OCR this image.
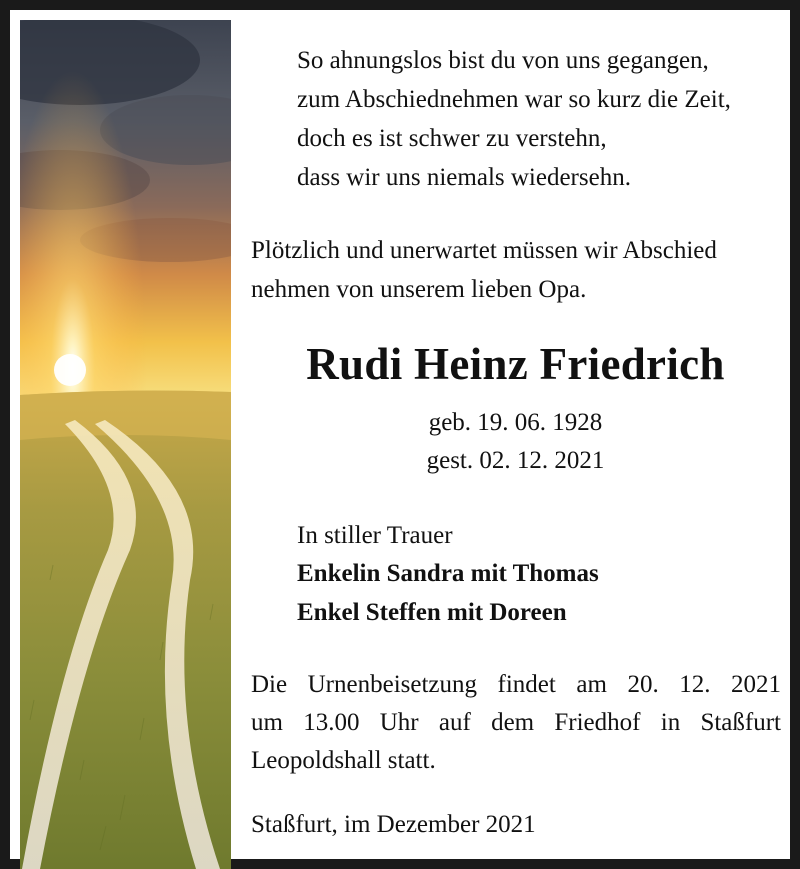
So ahnungslos bist du von uns gegangen,
zum Abschiednehmen war so kurz die Zeit,
doch es ist schwer zu verstehn,
dass wir uns niemals wiedersehn.
Plötzlich und unerwartet müssen wir Abschied
nehmen von unserem lieben Opa.
Rudi Heinz Friedrich
geb. 19. 06. 1928
gest. 02. 12. 2021
In stiller Trauer
Enkelin Sandra mit Thomas
Enkel Steffen mit Doreen
Die Urnenbeisetzung findet am 20. 12. 2021
um 13.00 Uhr auf dem Friedhof in Staßfurt
Leopoldshall statt.
Staßfurt, im Dezember 2021
